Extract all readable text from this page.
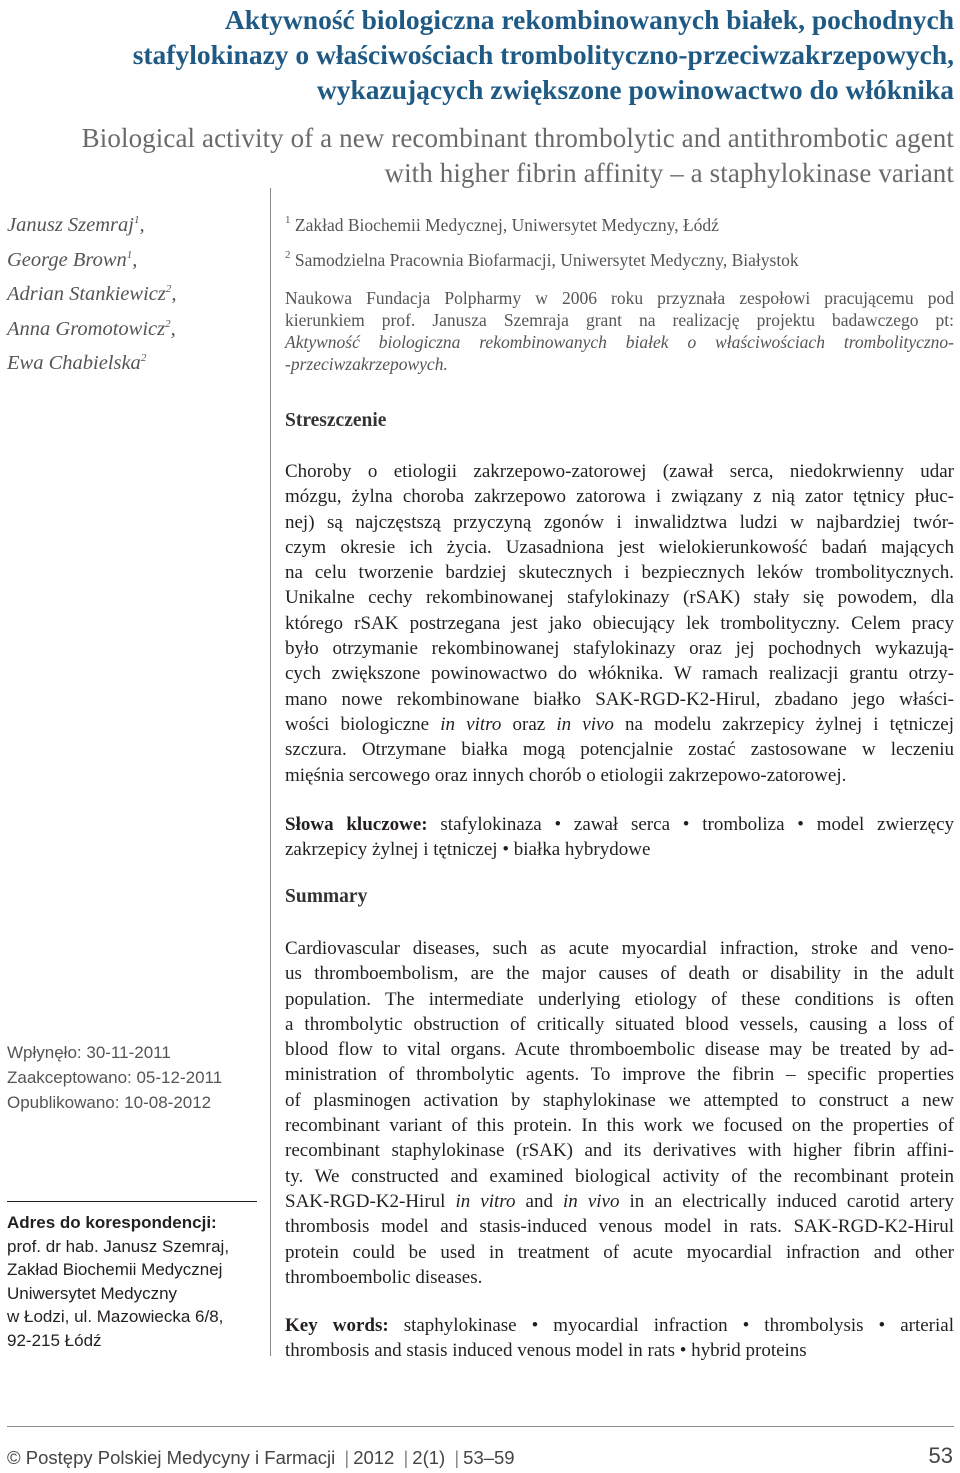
Aktywność biologiczna rekombinowanych białek, pochodnych
stafylokinazy o właściwościach trombolityczno-przeciwzakrzepowych,
wykazujących zwiększone powinowactwo do włóknika
Biological activity of a new recombinant thrombolytic and antithrombotic agent
with higher fibrin affinity – a staphylokinase variant
Janusz Szemraj$^1$,
George Brown$^1$,
Adrian Stankiewicz$^2$,
Anna Gromotowicz$^2$,
Ewa Chabielska$^2$
$^1$ Zakład Biochemii Medycznej, Uniwersytet Medyczny, Łódź
$^2$ Samodzielna Pracownia Biofarmacji, Uniwersytet Medyczny, Białystok
Naukowa Fundacja Polpharmy w 2006 roku przyznała zespołowi pracującemu pod
kierunkiem prof. Janusza Szemraja grant na realizację projektu badawczego pt:
Aktywność biologiczna rekombinowanych białek o właściwościach trombolityczno-
-przeciwzakrzepowych.
Streszczenie
Choroby o etiologii zakrzepowo-zatorowej (zawał serca, niedokrwienny udar
mózgu, żylna choroba zakrzepowo zatorowa i związany z nią zator tętnicy płuc-
nej) są najczęstszą przyczyną zgonów i inwalidztwa ludzi w najbardziej twór-
czym okresie ich życia. Uzasadniona jest wielokierunkowość badań mających
na celu tworzenie bardziej skutecznych i bezpiecznych leków trombolitycznych.
Unikalne cechy rekombinowanej stafylokinazy (rSAK) stały się powodem, dla
którego rSAK postrzegana jest jako obiecujący lek trombolityczny. Celem pracy
było otrzymanie rekombinowanej stafylokinazy oraz jej pochodnych wykazują-
cych zwiększone powinowactwo do włóknika. W ramach realizacji grantu otrzy-
mano nowe rekombinowane białko SAK-RGD-K2-Hirul, zbadano jego właści-
wości biologiczne in vitro oraz in vivo na modelu zakrzepicy żylnej i tętniczej
szczura. Otrzymane białka mogą potencjalnie zostać zastosowane w leczeniu
mięśnia sercowego oraz innych chorób o etiologii zakrzepowo-zatorowej.
Słowa kluczowe: stafylokinaza • zawał serca • tromboliza • model zwierzęcy
zakrzepicy żylnej i tętniczej • białka hybrydowe
Summary
Cardiovascular diseases, such as acute myocardial infraction, stroke and veno-
us thromboembolism, are the major causes of death or disability in the adult
population. The intermediate underlying etiology of these conditions is often
a thrombolytic obstruction of critically situated blood vessels, causing a loss of
blood flow to vital organs. Acute thromboembolic disease may be treated by ad-
ministration of thrombolytic agents. To improve the fibrin – specific properties
of plasminogen activation by staphylokinase we attempted to construct a new
recombinant variant of this protein. In this work we focused on the properties of
recombinant staphylokinase (rSAK) and its derivatives with higher fibrin affini-
ty. We constructed and examined biological activity of the recombinant protein
SAK-RGD-K2-Hirul in vitro and in vivo in an electrically induced carotid artery
thrombosis model and stasis-induced venous model in rats. SAK-RGD-K2-Hirul
protein could be used in treatment of acute myocardial infraction and other
thromboembolic diseases.
Key words: staphylokinase • myocardial infraction • thrombolysis • arterial
thrombosis and stasis induced venous model in rats • hybrid proteins
Wpłynęło: 30-11-2011
Zaakceptowano: 05-12-2011
Opublikowano: 10-08-2012
Adres do korespondencji:
prof. dr hab. Janusz Szemraj,
Zakład Biochemii Medycznej
Uniwersytet Medyczny
w Łodzi, ul. Mazowiecka 6/8,
92-215 Łódź
© Postępy Polskiej Medycyny i Farmacji | 2012 | 2(1) | 53–59	53
